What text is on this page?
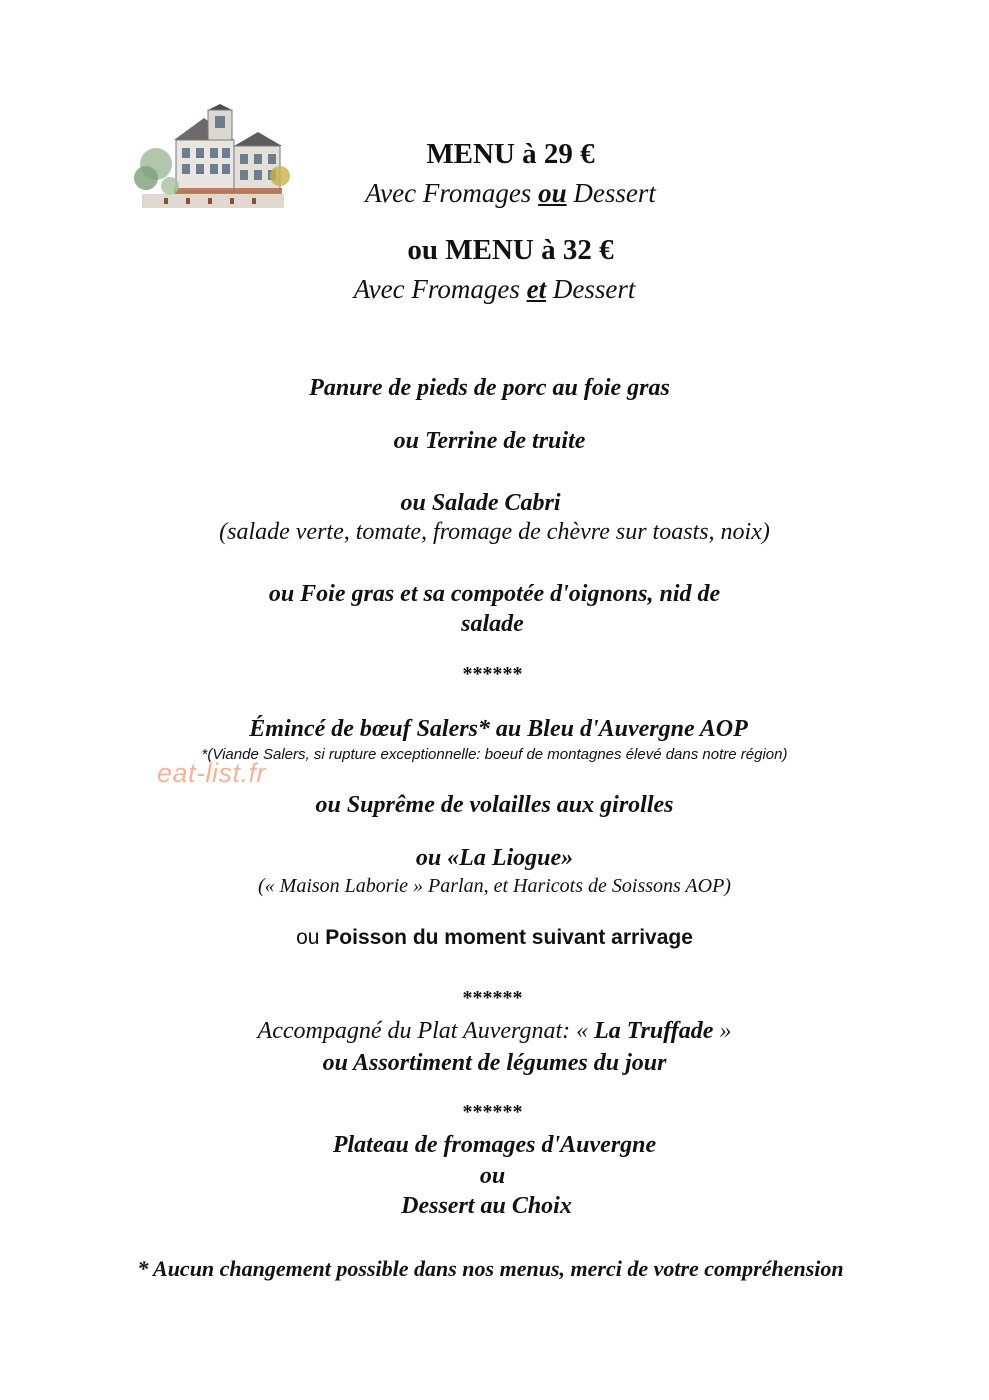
MENU à 29 €
Avec Fromages ou Dessert
ou MENU à 32 €
Avec Fromages et Dessert
Panure de pieds de porc au foie gras
ou Terrine de truite
ou Salade Cabri
(salade verte, tomate, fromage de chèvre sur toasts, noix)
ou Foie gras et sa compotée d'oignons, nid de
salade
******
Émincé de bœuf Salers* au Bleu d'Auvergne AOP
*(Viande Salers, si rupture exceptionnelle: boeuf de montagnes élevé dans notre région)
ou Suprême de volailles aux girolles
ou «La Liogue»
(« Maison Laborie » Parlan, et Haricots de Soissons AOP)
ou Poisson du moment suivant arrivage
******
Accompagné du Plat Auvergnat: « La Truffade »
ou Assortiment de légumes du jour
******
Plateau de fromages d'Auvergne
ou
Dessert au Choix
* Aucun changement possible dans nos menus, merci de votre compréhension
eat-list.fr
